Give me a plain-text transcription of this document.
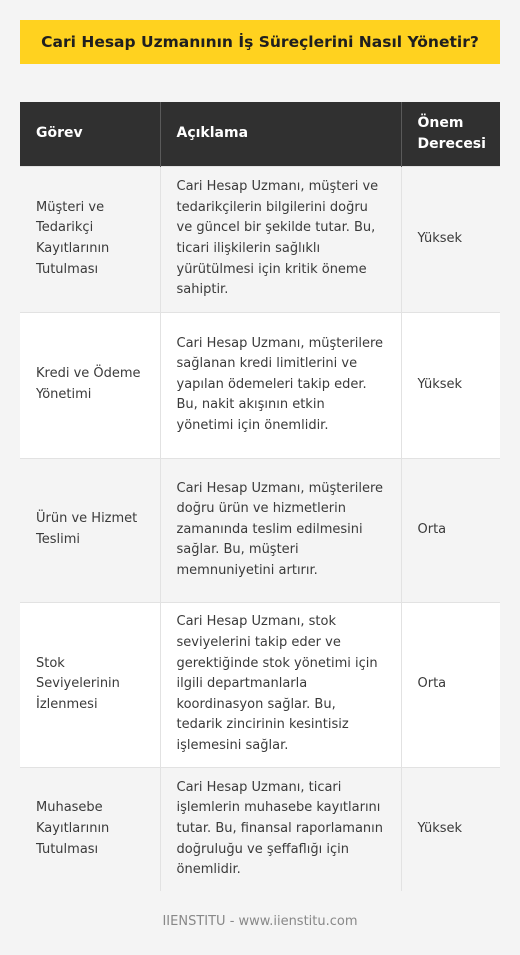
Cari Hesap Uzmanının İş Süreçlerini Nasıl Yönetir?
Görev	Açıklama	Önem Derecesi
Müşteri ve Tedarikçi Kayıtlarının Tutulması	Cari Hesap Uzmanı, müşteri ve tedarikçilerin bilgilerini doğru ve güncel bir şekilde tutar. Bu, ticari ilişkilerin sağlıklı yürütülmesi için kritik öneme sahiptir.	Yüksek
Kredi ve Ödeme Yönetimi	Cari Hesap Uzmanı, müşterilere sağlanan kredi limitlerini ve yapılan ödemeleri takip eder. Bu, nakit akışının etkin yönetimi için önemlidir.	Yüksek
Ürün ve Hizmet Teslimi	Cari Hesap Uzmanı, müşterilere doğru ürün ve hizmetlerin zamanında teslim edilmesini sağlar. Bu, müşteri memnuniyetini artırır.	Orta
Stok Seviyelerinin İzlenmesi	Cari Hesap Uzmanı, stok seviyelerini takip eder ve gerektiğinde stok yönetimi için ilgili departmanlarla koordinasyon sağlar. Bu, tedarik zincirinin kesintisiz işlemesini sağlar.	Orta
Muhasebe Kayıtlarının Tutulması	Cari Hesap Uzmanı, ticari işlemlerin muhasebe kayıtlarını tutar. Bu, finansal raporlamanın doğruluğu ve şeffaflığı için önemlidir.	Yüksek
IIENSTITU - www.iienstitu.com
